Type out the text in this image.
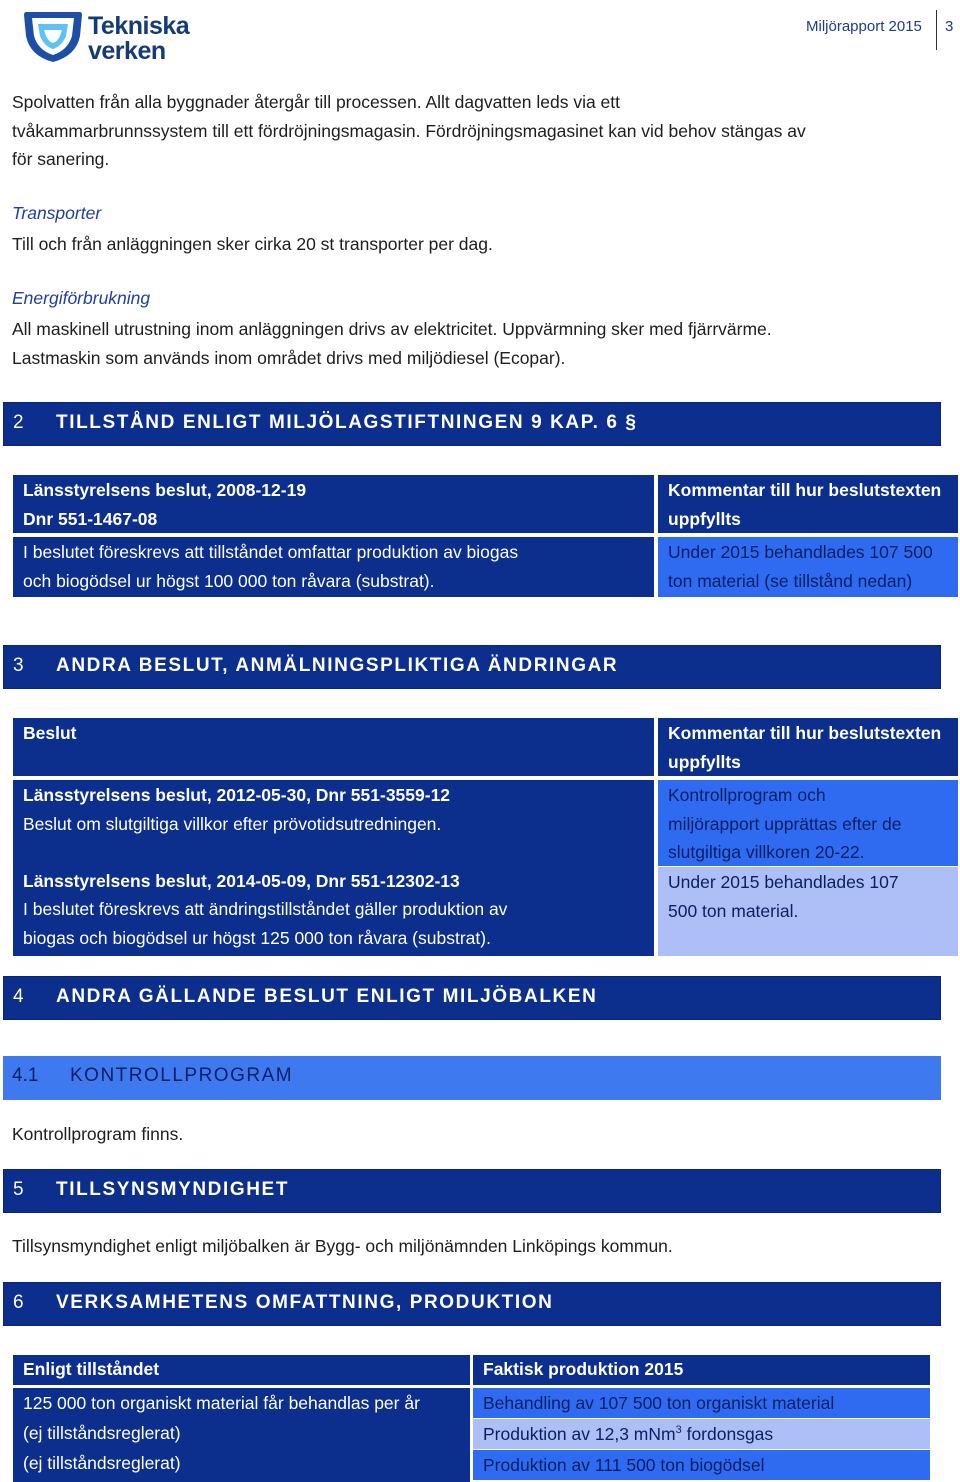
Tekniska
verken
Miljörapport 2015 3
Spolvatten från alla byggnader återgår till processen. Allt dagvatten leds via ett
tvåkammarbrunnssystem till ett fördröjningsmagasin. Fördröjningsmagasinet kan vid behov stängas av
för sanering.
Transporter
Till och från anläggningen sker cirka 20 st transporter per dag.
Energiförbrukning
All maskinell utrustning inom anläggningen drivs av elektricitet. Uppvärmning sker med fjärrvärme.
Lastmaskin som används inom området drivs med miljödiesel (Ecopar).
2 TILLSTÅND ENLIGT MILJÖLAGSTIFTNINGEN 9 KAP. 6 §
Länsstyrelsens beslut, 2008-12-19
Dnr 551-1467-08
Kommentar till hur beslutstexten
uppfyllts
I beslutet föreskrevs att tillståndet omfattar produktion av biogas
och biogödsel ur högst 100 000 ton råvara (substrat).
Under 2015 behandlades 107 500
ton material (se tillstånd nedan)
3 ANDRA BESLUT, ANMÄLNINGSPLIKTIGA ÄNDRINGAR
Beslut	Kommentar till hur beslutstexten
uppfyllts
Länsstyrelsens beslut, 2012-05-30, Dnr 551-3559-12
Beslut om slutgiltiga villkor efter prövotidsutredningen.

Länsstyrelsens beslut, 2014-05-09, Dnr 551-12302-13
I beslutet föreskrevs att ändringstillståndet gäller produktion av
biogas och biogödsel ur högst 125 000 ton råvara (substrat).
Kontrollprogram och
miljörapport upprättas efter de
slutgiltiga villkoren 20-22.
Under 2015 behandlades 107
500 ton material.
4 ANDRA GÄLLANDE BESLUT ENLIGT MILJÖBALKEN
4.1 KONTROLLPROGRAM
Kontrollprogram finns.
5 TILLSYNSMYNDIGHET
Tillsynsmyndighet enligt miljöbalken är Bygg- och miljönämnden Linköpings kommun.
6 VERKSAMHETENS OMFATTNING, PRODUKTION
Enligt tillståndet	Faktisk produktion 2015
125 000 ton organiskt material får behandlas per år
(ej tillståndsreglerat)
(ej tillståndsreglerat)
Behandling av 107 500 ton organiskt material
Produktion av 12,3 mNm$^3$ fordonsgas
Produktion av 111 500 ton biogödsel
